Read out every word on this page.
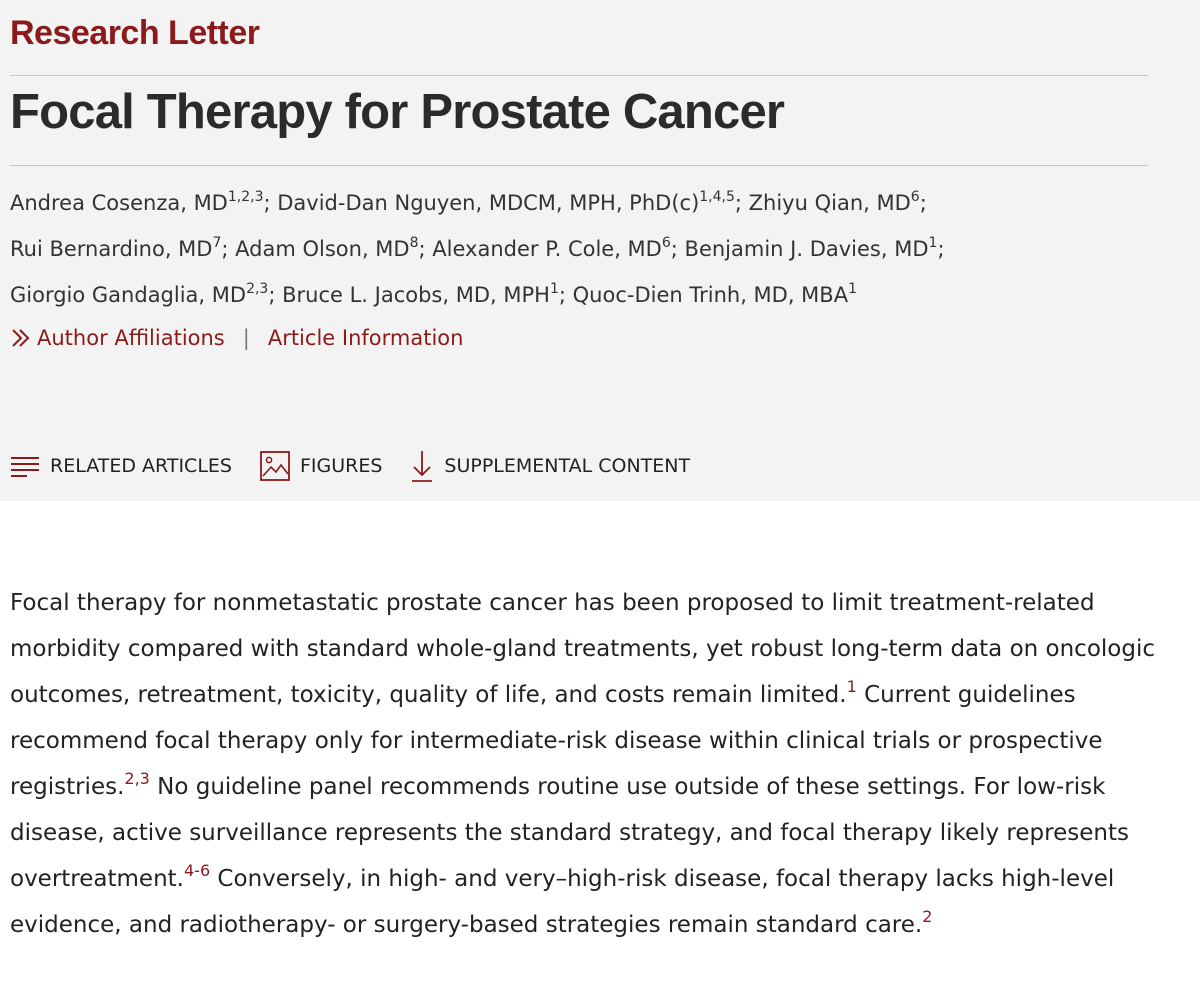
Research Letter
Focal Therapy for Prostate Cancer
Andrea Cosenza, MD$^{1,2,3}$; David-Dan Nguyen, MDCM, MPH, $PhD(c)^{1,4,5}$; Zhiyu Qian, $MD^6$;
Rui Bernardino, $MD^7$; Adam Olson, $MD^8$; Alexander P. Cole, $MD^6$; Benjamin J. Davies, $MD^1$;
Giorgio Gandaglia, MD$^{2,3}$; Bruce L. Jacobs, MD, MPH$^1$; Quoc-Dien Trinh, MD, MBA$^1$
Author Affiliations | Article Information
RELATED ARTICLES	FIGURES	SUPPLEMENTAL CONTENT
Focal therapy for nonmetastatic prostate cancer has been proposed to limit treatment-related morbidity compared with standard whole-gland treatments, yet robust long-term data on oncologic outcomes, retreatment, toxicity, quality of life, and costs remain limited.$^1$ Current guidelines recommend focal therapy only for intermediate-risk disease within clinical trials or prospective registries.$^{2,3}$ No guideline panel recommends routine use outside of these settings. For low-risk disease, active surveillance represents the standard strategy, and focal therapy likely represents overtreatment.$^{4-6}$ Conversely, in high- and very–high-risk disease, focal therapy lacks high-level evidence, and radiotherapy- or surgery-based strategies remain standard care.$^2$
